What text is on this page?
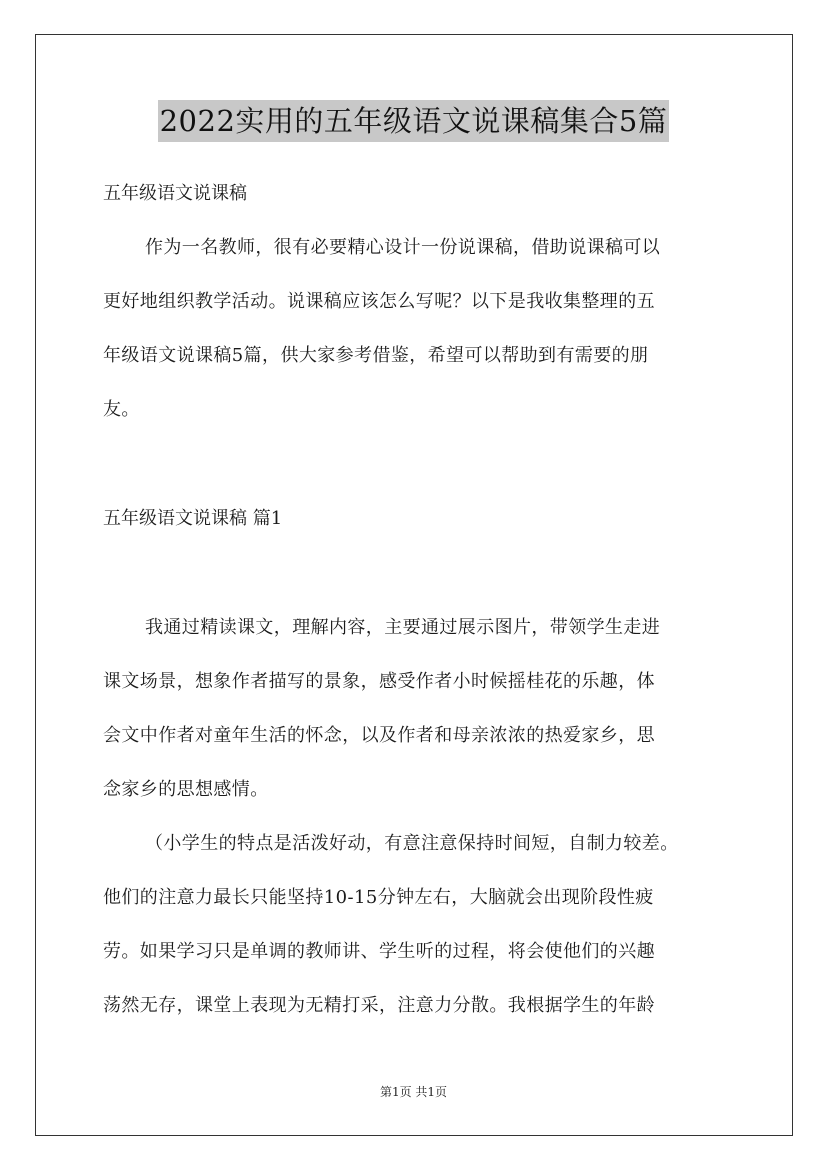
2022实用的五年级语文说课稿集合5篇
五年级语文说课稿
作为一名教师，很有必要精心设计一份说课稿，借助说课稿可以
更好地组织教学活动。说课稿应该怎么写呢？以下是我收集整理的五
年级语文说课稿5篇，供大家参考借鉴，希望可以帮助到有需要的朋
友。
五年级语文说课稿 篇1
我通过精读课文，理解内容，主要通过展示图片，带领学生走进
课文场景，想象作者描写的景象，感受作者小时候摇桂花的乐趣，体
会文中作者对童年生活的怀念，以及作者和母亲浓浓的热爱家乡，思
念家乡的思想感情。
（小学生的特点是活泼好动，有意注意保持时间短，自制力较差。
他们的注意力最长只能坚持10-15分钟左右，大脑就会出现阶段性疲
劳。如果学习只是单调的教师讲、学生听的过程，将会使他们的兴趣
荡然无存，课堂上表现为无精打采，注意力分散。我根据学生的年龄
第1页 共1页
